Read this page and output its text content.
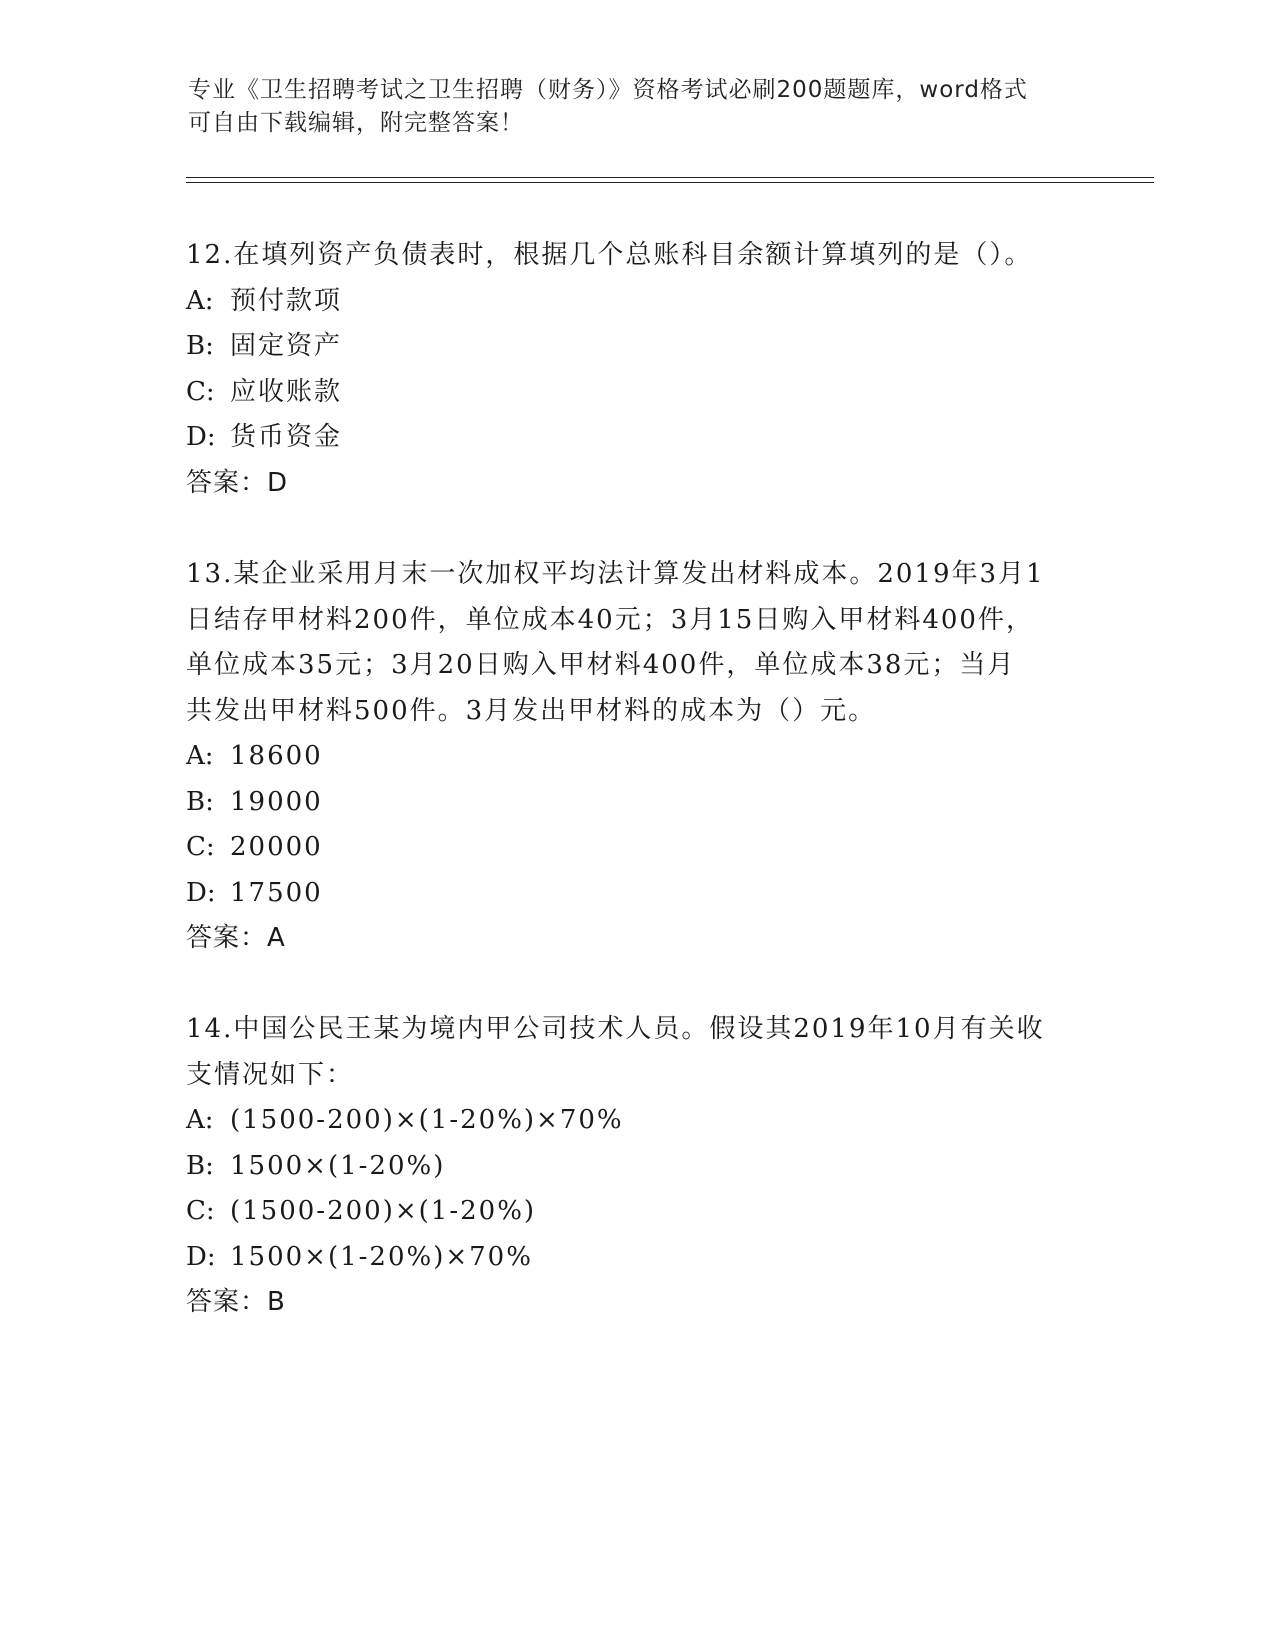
专业《卫生招聘考试之卫生招聘（财务）》资格考试必刷200题题库，word格式
可自由下载编辑，附完整答案！
12.在填列资产负债表时，根据几个总账科目余额计算填列的是（）。
A: 预付款项
B: 固定资产
C: 应收账款
D: 货币资金
答案：D
13.某企业采用月末一次加权平均法计算发出材料成本。2019年3月1
日结存甲材料200件，单位成本40元；3月15日购入甲材料400件，
单位成本35元；3月20日购入甲材料400件，单位成本38元；当月
共发出甲材料500件。3月发出甲材料的成本为（）元。
A: 18600
B: 19000
C: 20000
D: 17500
答案：A
14.中国公民王某为境内甲公司技术人员。假设其2019年10月有关收
支情况如下：
A: (1500-200)×(1-20%)×70%
B: 1500×(1-20%)
C: (1500-200)×(1-20%)
D: 1500×(1-20%)×70%
答案：B
